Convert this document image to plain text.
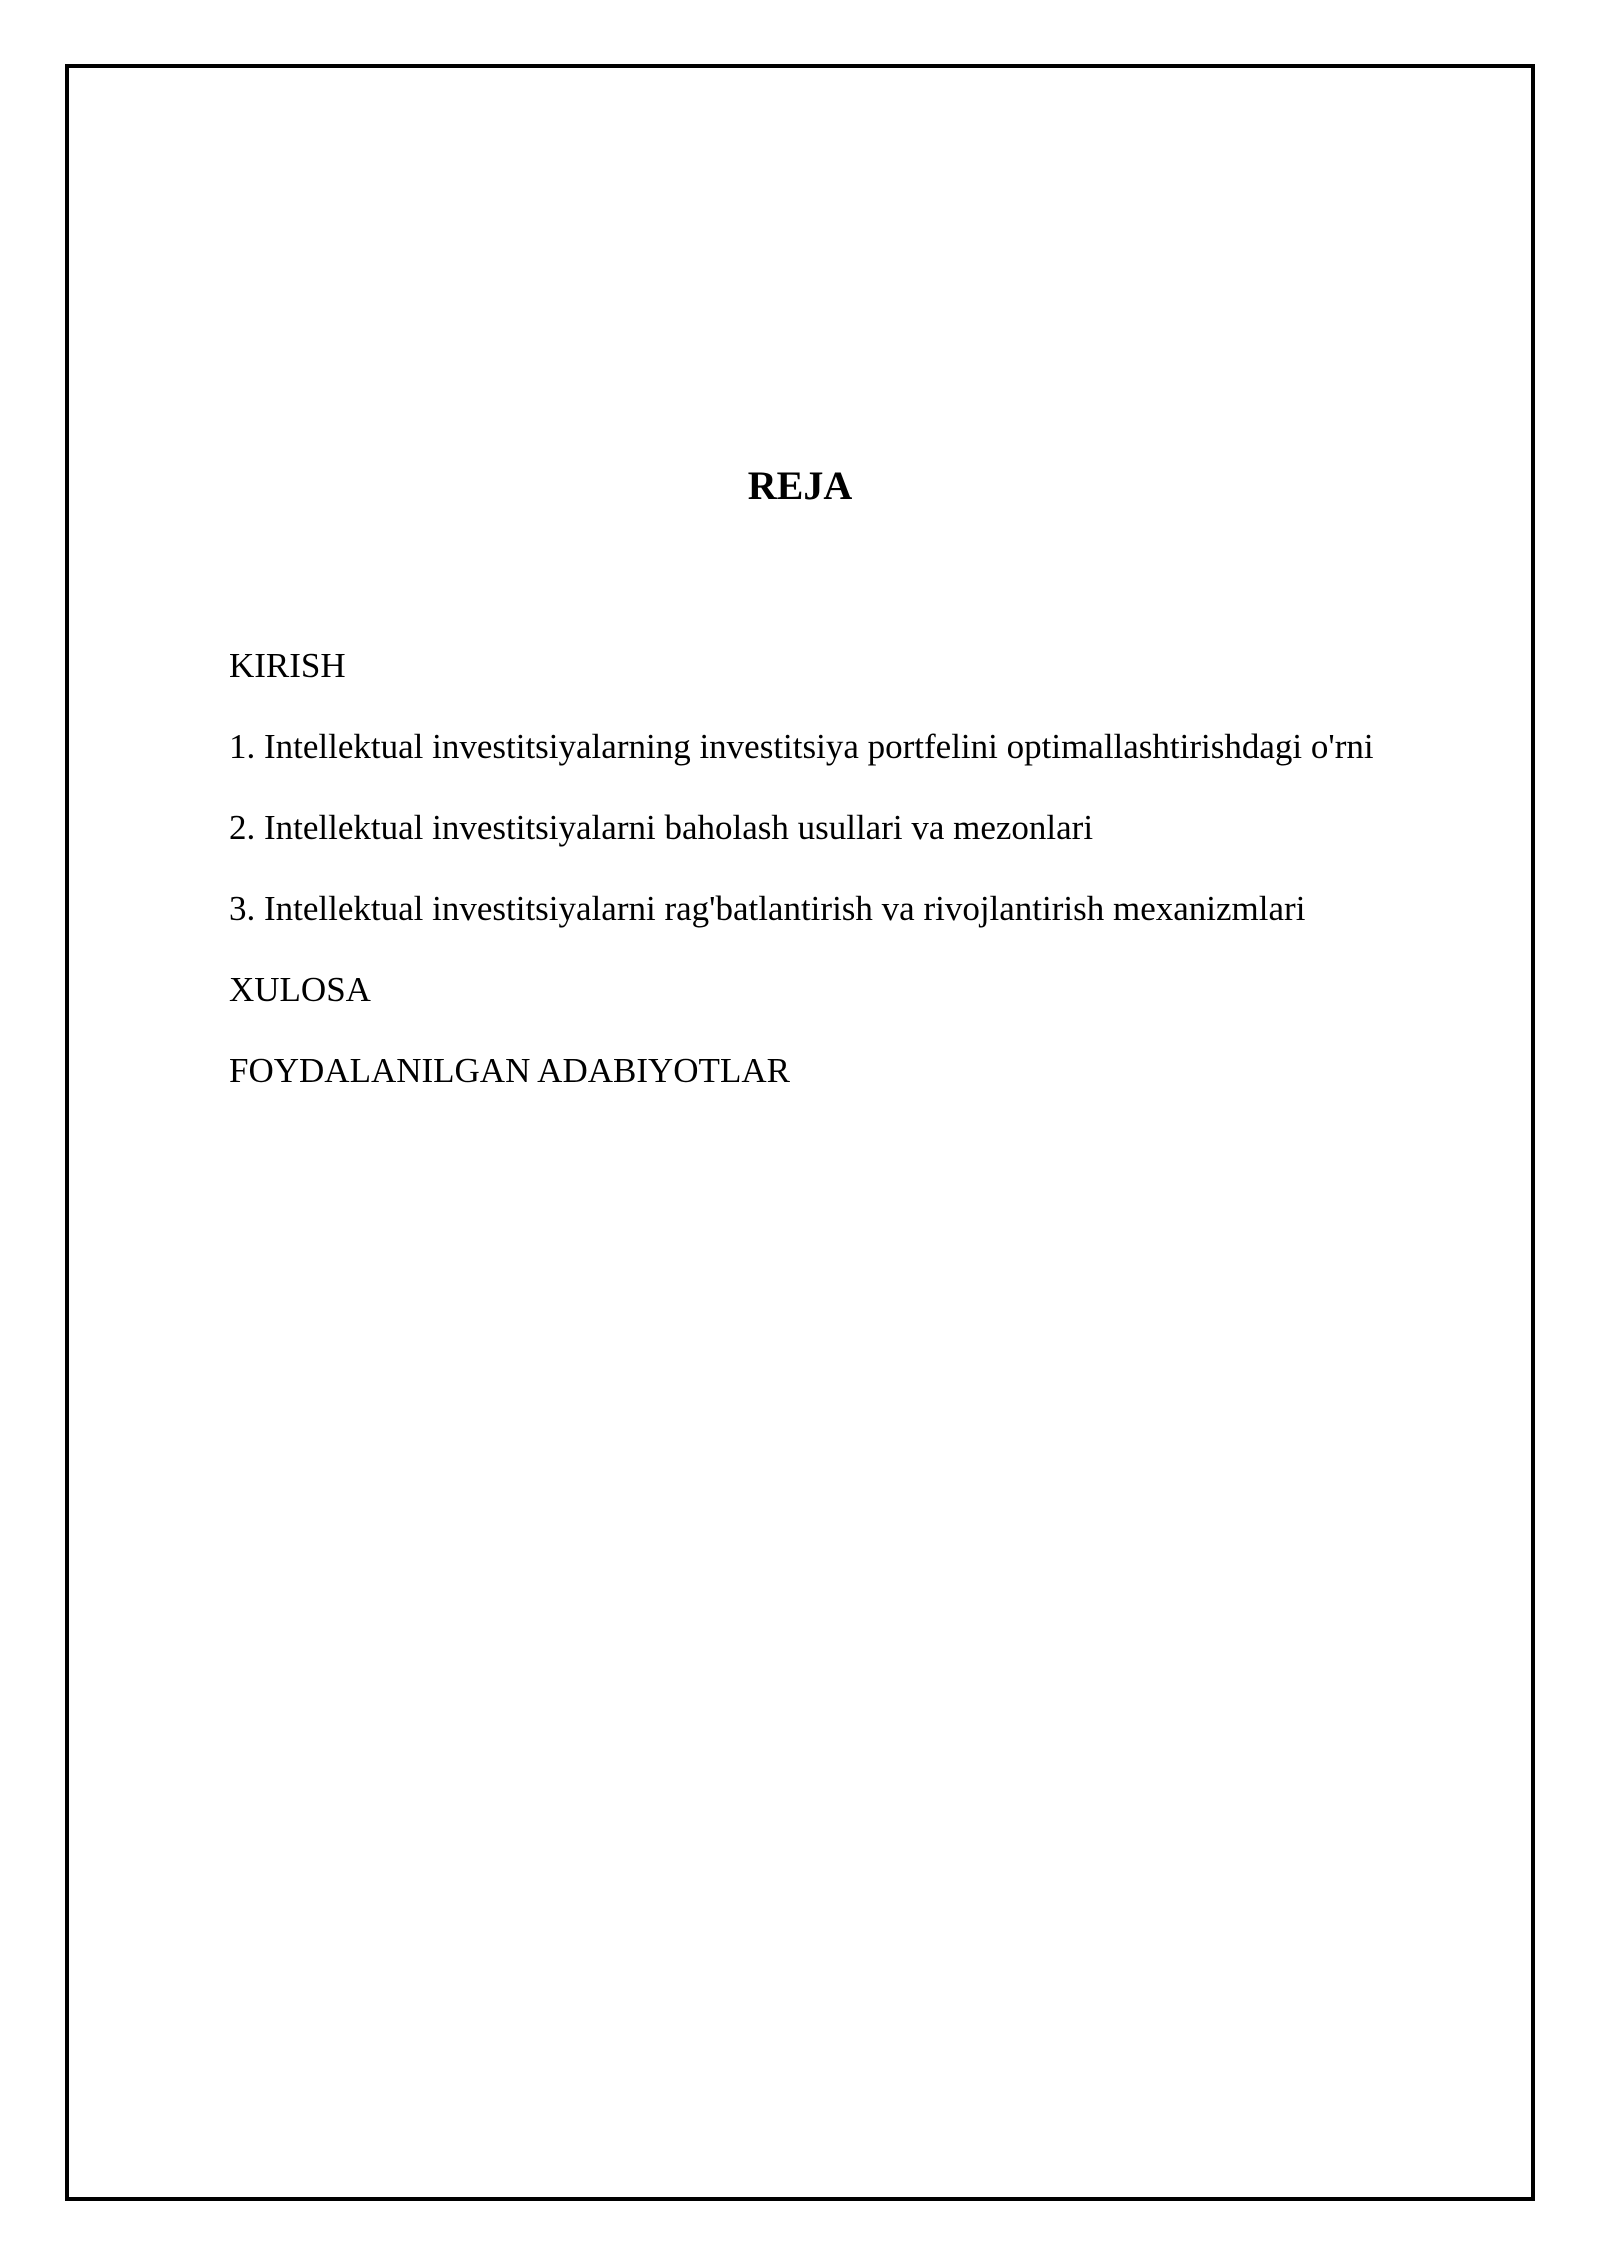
REJA
KIRISH
1. Intellektual investitsiyalarning investitsiya portfelini optimallashtirishdagi o'rni
2. Intellektual investitsiyalarni baholash usullari va mezonlari
3. Intellektual investitsiyalarni rag'batlantirish va rivojlantirish mexanizmlari
XULOSA
FOYDALANILGAN ADABIYOTLAR
